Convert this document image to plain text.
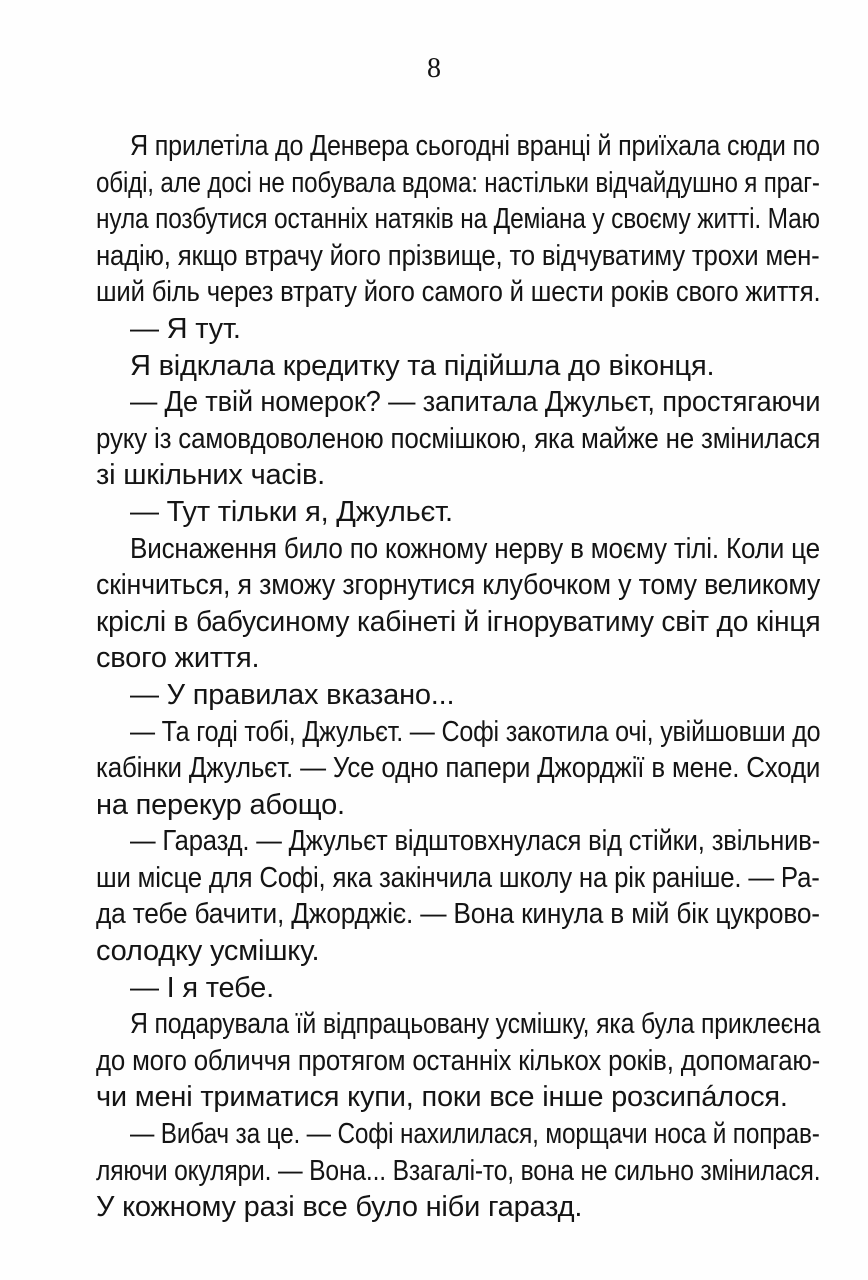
8
Я прилетіла до Денвера сьогодні вранці й приїхала сюди по
обіді, але досі не побувала вдома: настільки відчайдушно я праг-
нула позбутися останніх натяків на Деміана у своєму житті. Маю
надію, якщо втрачу його прізвище, то відчуватиму трохи мен-
ший біль через втрату його самого й шести років свого життя.
— Я тут.
Я відклала кредитку та підійшла до віконця.
— Де твій номерок? — запитала Джульєт, простягаючи
руку із самовдоволеною посмішкою, яка майже не змінилася
зі шкільних часів.
— Тут тільки я, Джульєт.
Виснаження било по кожному нерву в моєму тілі. Коли це
скінчиться, я зможу згорнутися клубочком у тому великому
кріслі в бабусиному кабінеті й ігноруватиму світ до кінця
свого життя.
— У правилах вказано...
— Та годі тобі, Джульєт. — Софі закотила очі, увійшовши до
кабінки Джульєт. — Усе одно папери Джорджії в мене. Сходи
на перекур абощо.
— Гаразд. — Джульєт відштовхнулася від стійки, звільнив-
ши місце для Софі, яка закінчила школу на рік раніше. — Ра-
да тебе бачити, Джорджіє. — Вона кинула в мій бік цукрово-
солодку усмішку.
— І я тебе.
Я подарувала їй відпрацьовану усмішку, яка була приклеєна
до мого обличчя протягом останніх кількох років, допомагаю-
чи мені триматися купи, поки все інше розсипáлося.
— Вибач за це. — Софі нахилилася, морщачи носа й поправ-
ляючи окуляри. — Вона... Взагалі-то, вона не сильно змінилася.
У кожному разі все було ніби гаразд.
